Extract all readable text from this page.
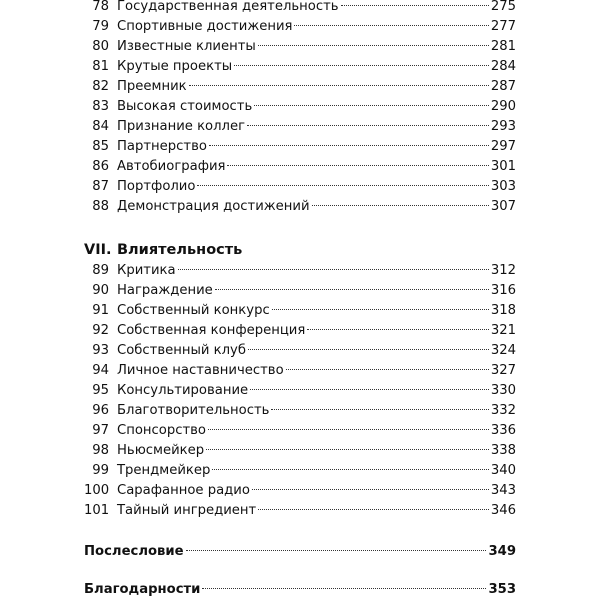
78 Государственная деятельность	275
79 Спортивные достижения	277
80 Известные клиенты	281
81 Крутые проекты	284
82 Преемник	287
83 Высокая стоимость	290
84 Признание коллег	293
85 Партнерство	297
86 Автобиография	301
87 Портфолио	303
88 Демонстрация достижений	307
VII. Влиятельность
89 Критика	312
90 Награждение	316
91 Собственный конкурс	318
92 Собственная конференция	321
93 Собственный клуб	324
94 Личное наставничество	327
95 Консультирование	330
96 Благотворительность	332
97 Спонсорство	336
98 Ньюсмейкер	338
99 Трендмейкер	340
100 Сарафанное радио	343
101 Тайный ингредиент	346
Послесловие	349
Благодарности	353
